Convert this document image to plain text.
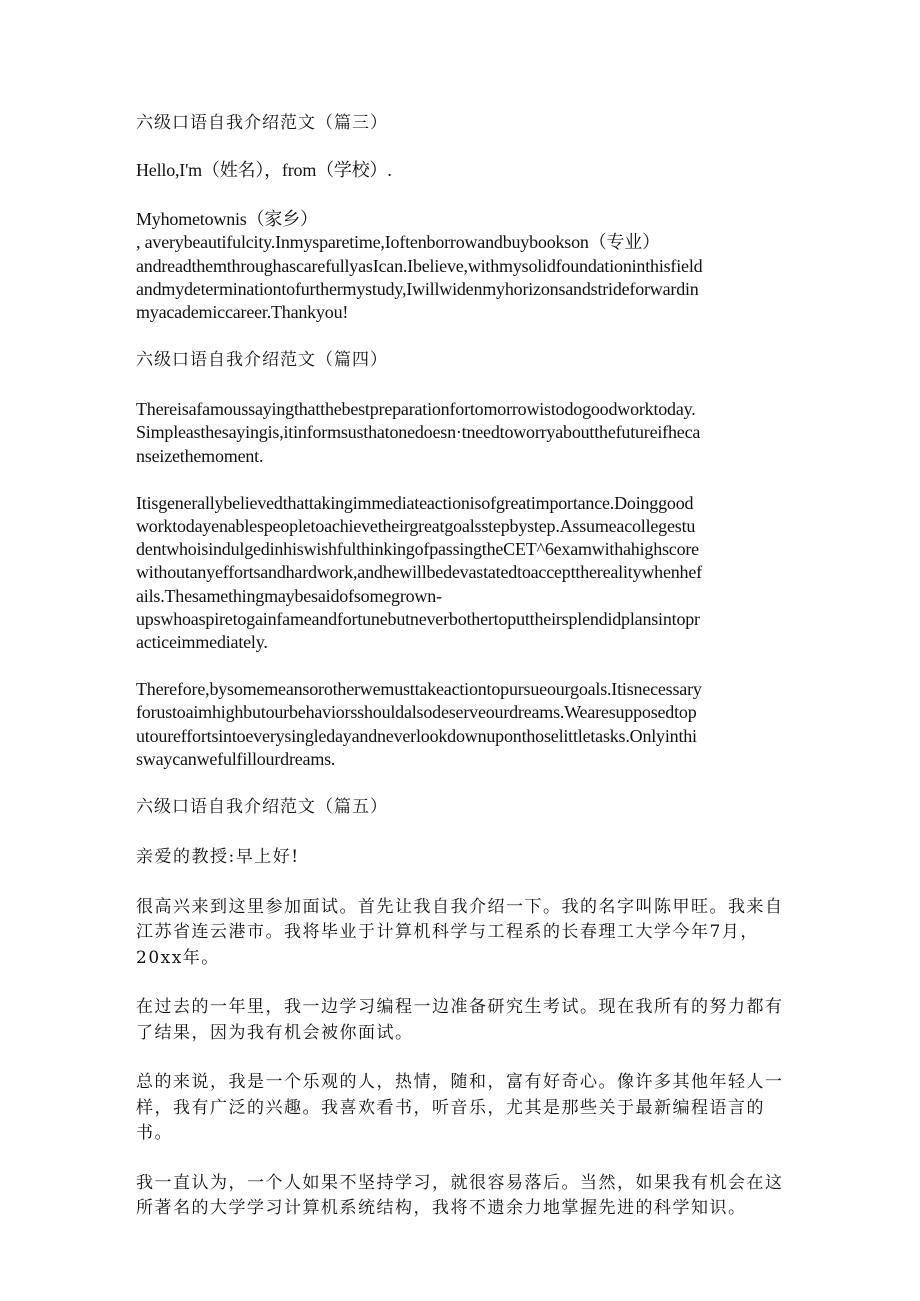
六级口语自我介绍范文（篇三）
Hello,I'm（姓名），from（学校）.
Myhometownis（家乡）
, averybeautifulcity.Inmysparetime,Ioftenborrowandbuybookson（专业）
andreadthemthroughascarefullyasIcan.Ibelieve,withmysolidfoundationinthisfield
andmydeterminationtofurthermystudy,Iwillwidenmyhorizonsandstrideforwardin
myacademiccareer.Thankyou!
六级口语自我介绍范文（篇四）
Thereisafamoussayingthatthebestpreparationfortomorrowistodogoodworktoday.
Simpleasthesayingis,itinformsusthatonedoesn·tneedtoworryaboutthefutureifheca
nseizethemoment.
Itisgenerallybelievedthattakingimmediateactionisofgreatimportance.Doinggood
worktodayenablespeopletoachievetheirgreatgoalsstepbystep.Assumeacollegestu
dentwhoisindulgedinhiswishfulthinkingofpassingtheCET^6examwithahighscore
withoutanyeffortsandhardwork,andhewillbedevastatedtoaccepttherealitywhenhef
ails.Thesamethingmaybesaidofsomegrown-
upswhoaspiretogainfameandfortunebutneverbothertoputtheirsplendidplansintopr
acticeimmediately.
Therefore,bysomemeansorotherwemusttakeactiontopursueourgoals.Itisnecessary
forustoaimhighbutourbehaviorsshouldalsodeserveourdreams.Wearesupposedtop
utoureffortsintoeverysingledayandneverlookdownuponthoselittletasks.Onlyinthi
swaycanwefulfillourdreams.
六级口语自我介绍范文（篇五）
亲爱的教授:早上好!
很高兴来到这里参加面试。首先让我自我介绍一下。我的名字叫陈甲旺。我来自
江苏省连云港市。我将毕业于计算机科学与工程系的长春理工大学今年7月，
20xx年。
在过去的一年里，我一边学习编程一边准备研究生考试。现在我所有的努力都有
了结果，因为我有机会被你面试。
总的来说，我是一个乐观的人，热情，随和，富有好奇心。像许多其他年轻人一
样，我有广泛的兴趣。我喜欢看书，听音乐，尤其是那些关于最新编程语言的
书。
我一直认为，一个人如果不坚持学习，就很容易落后。当然，如果我有机会在这
所著名的大学学习计算机系统结构，我将不遗余力地掌握先进的科学知识。
